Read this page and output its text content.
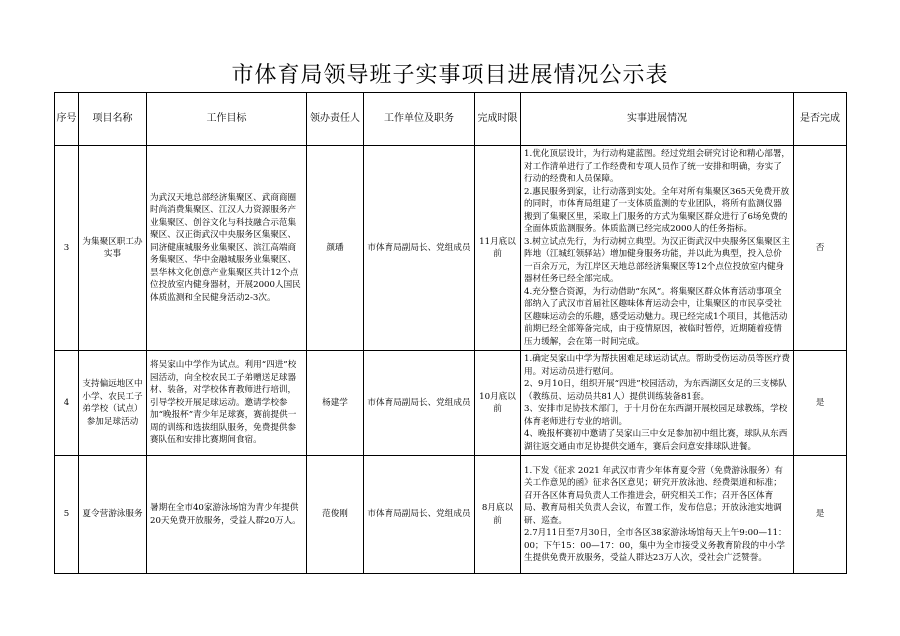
市体育局领导班子实事项目进展情况公示表
序号	项目名称	工作目标	领办责任人	工作单位及职务	完成时限	实事进展情况	是否完成
3	为集聚区职工办实事	为武汉天地总部经济集聚区、武商商圈时尚消费集聚区、江汉人力资源服务产业集聚区、创谷文化与科技融合示范集聚区、汉正街武汉中央服务区集聚区、同济健康城服务业集聚区、滨江高端商务集聚区、华中金融城服务业集聚区、昙华林文化创意产业集聚区共计12个点位投放室内健身器材，开展2000人国民体质监测和全民健身活动2-3次。	颜璠	市体育局副局长、党组成员	11月底以前	1.优化顶层设计，为行动构建蓝图。经过党组会研究讨论和精心部署，对工作清单进行了工作经费和专项人员作了统一安排和明确，夯实了行动的经费和人员保障。

2.惠民服务到家，让行动落到实处。全年对所有集聚区365天免费开放的同时，市体育局组建了一支体质监测的专业团队，将所有监测仪器搬到了集聚区里，采取上门服务的方式为集聚区群众进行了6场免费的全面体质监测服务。体质监测已经完成2000人的任务指标。

3.树立试点先行，为行动树立典型。为汉正街武汉中央服务区集聚区主阵地（江城红领驿站）增加健身服务功能，并以此为典型，投入总价一百余万元，为江岸区天地总部经济集聚区等12个点位投放室内健身器材任务已经全部完成。

4.充分整合资源，为行动借助“东风”。将集聚区群众体育活动事项全部纳入了武汉市首届社区趣味体育运动会中，让集聚区的市民享受社区趣味运动会的乐趣，感受运动魅力。现已经完成1个项目，其他活动前期已经全部筹备完成，由于疫情原因，被临时暂停，近期随着疫情压力缓解，会在第一时间完成。	否
4	支持偏远地区中小学、农民工子弟学校（试点）参加足球活动	将吴家山中学作为试点。利用“四进”校园活动，向全校农民工子弟赠送足球器材、装备，对学校体育教师进行培训，引导学校开展足球运动。邀请学校参加“晚报杯”青少年足球赛，赛前提供一周的训练和选拔组队服务，免费提供参赛队伍和安排比赛期间食宿。	杨建学	市体育局副局长、党组成员	10月底以前	1.确定吴家山中学为帮扶困难足球运动试点。帮助受伤运动员等医疗费用。对运动员进行慰问。

2、9月10日，组织开展“四进”校园活动，为东西湖区女足的三支梯队（教练员、运动员共81人）提供训练装备81套。

3、安排市足协技术部门，于十月份在东西湖开展校园足球教练，学校体育老师进行专业的培训。

4、晚报杯赛初中邀请了吴家山三中女足参加初中组比赛，球队从东西湖往返交通由市足协提供交通车，赛后会问意安排球队进餐。	是
5	夏令营游泳服务	暑期在全市40家游泳场馆为青少年提供20天免费开放服务，受益人群20万人。	范俊刚	市体育局副局长、党组成员	8月底以前	1.下发《征求 2021 年武汉市青少年体育夏令营（免费游泳服务）有关工作意见的函》征求各区意见；研究开放泳池、经费渠道和标准；召开各区体育局负责人工作推进会，研究相关工作；召开各区体育局、教育局相关负责人会议，布置工作，发布信息；开放泳池实地调研、巡查。

2.7月11日至7月30日，全市各区38家游泳场馆每天上午9:00—11：00；下午15：00—17：00，集中为全市接受义务教育阶段的中小学生提供免费开放服务，受益人群达23万人次，受社会广泛赞誉。	是
